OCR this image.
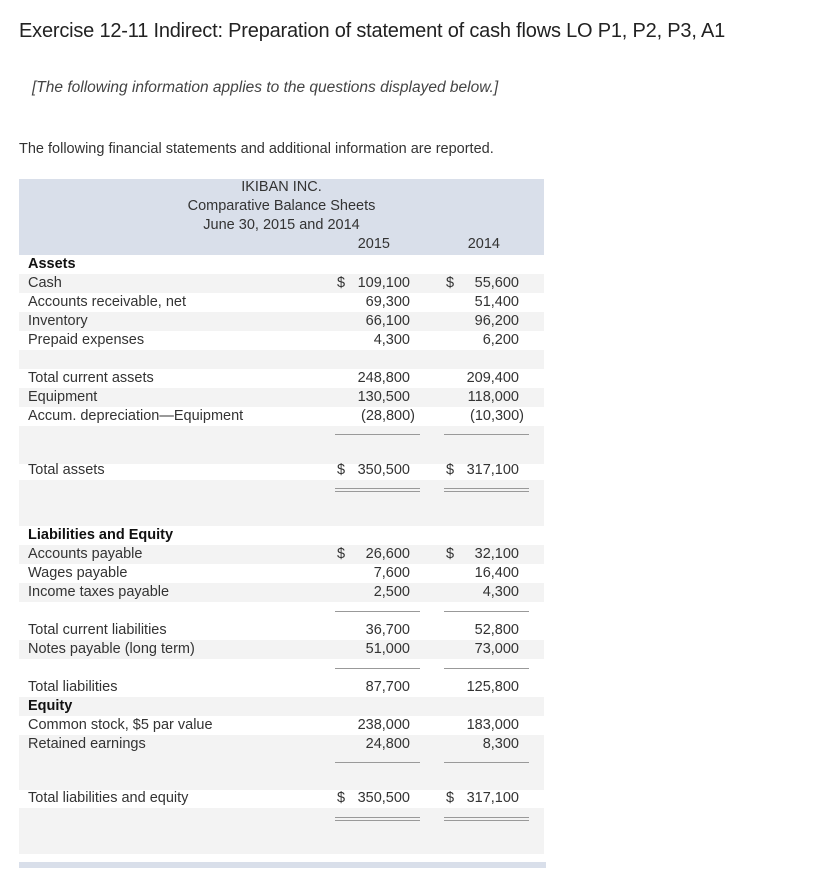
Exercise 12-11 Indirect: Preparation of statement of cash flows LO P1, P2, P3, A1
[The following information applies to the questions displayed below.]
The following financial statements and additional information are reported.
IKIBAN INC.
Comparative Balance Sheets
June 30, 2015 and 2014
2015	2014
Assets
Cash	$ 109,100 $ 55,600
Accounts receivable, net	69,300	51,400
Inventory	66,100	96,200
Prepaid expenses	4,300	6,200
Total current assets	248,800	209,400
Equipment	130,500	118,000
Accum. depreciation—Equipment	(28,800)	(10,300)
Total assets	$ 350,500 $ 317,100
Liabilities and Equity
Accounts payable	$ 26,600 $ 32,100
Wages payable	7,600	16,400
Income taxes payable	2,500	4,300
Total current liabilities	36,700	52,800
Notes payable (long term)	51,000	73,000
Total liabilities	87,700	125,800
Equity
Common stock, $5 par value	238,000	183,000
Retained earnings	24,800	8,300
Total liabilities and equity	$ 350,500 $ 317,100
